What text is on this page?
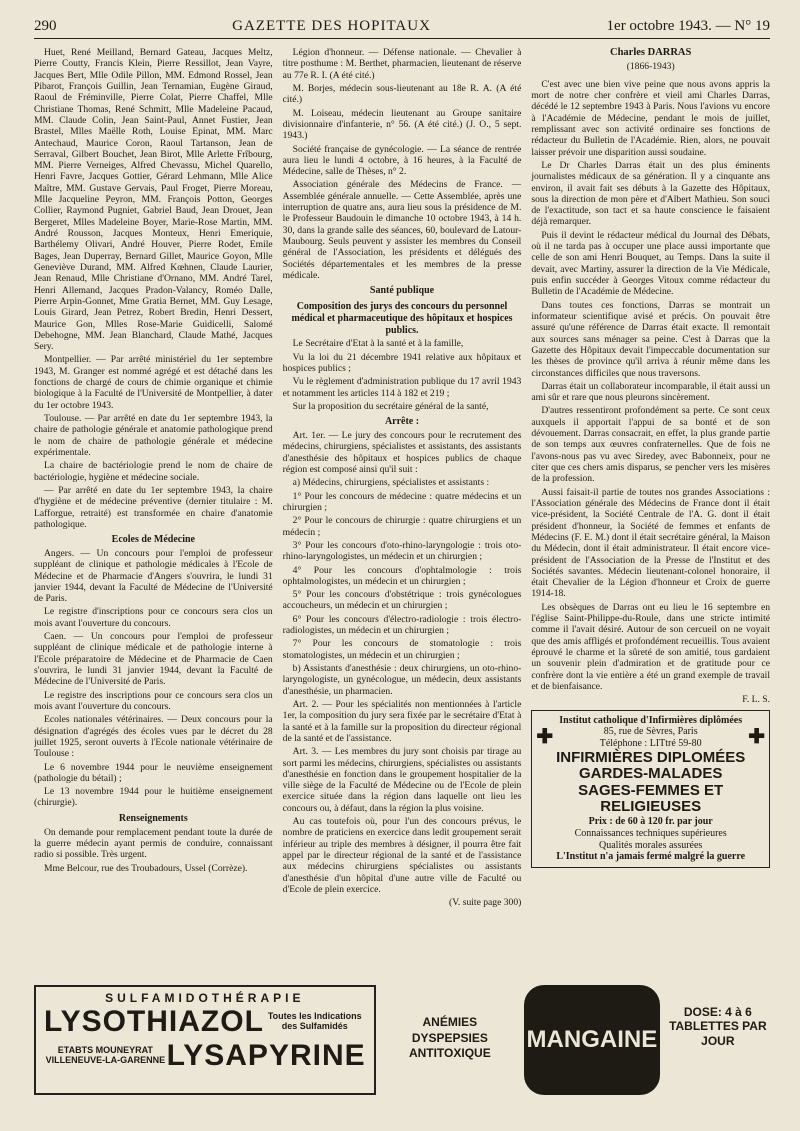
290	GAZETTE DES HOPITAUX	1er octobre 1943. — N° 19

Huet, René Meilland, Bernard Gateau, Jacques Meltz, Pierre Coutty, Francis Klein, Pierre Ressillot, Jean Vayre, Jacques Bert, Mlle Odile Pillon, MM. Edmond Rossel, Jean Pibarot, François Guillin, Jean Ternamian, Eugène Giraud, Raoul de Fréminville, Pierre Colat, Pierre Chaffel, Mlle Christiane Thomas, René Schmitt, Mlle Madeleine Pacaud, MM. Claude Colin, Jean Saint-Paul, Annet Fustier, Jean Brastel, Mlles Maëlle Roth, Louise Epinat, MM. Marc Antechaud, Maurice Coron, Raoul Tartanson, Jean de Serraval, Gilbert Bouchet, Jean Birot, Mlle Arlette Frîbourg, MM. Pierre Verneiges, Alfred Chevassu, Michel Quarello, Henri Favre, Jacques Gottier, Gérard Lehmann, Mlle Alice Maître, MM. Gustave Gervais, Paul Froget, Pierre Moreau, Mlle Jacqueline Peyron, MM. François Potton, Georges Collier, Raymond Pugniet, Gabriel Baud, Jean Drouet, Jean Bergeret, Mlles Madeleine Boyer, Marie-Rose Martin, MM. André Rousson, Jacques Monteux, Henri Emeriquie, Barthélemy Olivari, André Houver, Pierre Rodet, Emile Bages, Jean Duperray, Bernard Gillet, Maurice Goyon, Mlle Geneviève Durand, MM. Alfred Kœhnen, Claude Laurier, Jean Renaud, Mlle Christiane d'Ornano, MM. André Tarel, Henri Allemand, Jacques Pradon-Valancy, Roméo Dalle, Pierre Arpin-Gonnet, Mme Gratia Bernet, MM. Guy Lesage, Louis Girard, Jean Petrez, Robert Bredin, Henri Dessert, Maurice Gon, Mlles Rose-Marie Guidicelli, Salomé Debehogne, MM. Jean Blanchard, Claude Mathé, Jacques Sery.

Montpellier. — Par arrêté ministériel du 1er septembre 1943, M. Granger est nommé agrégé et est détaché dans les fonctions de chargé de cours de chimie organique et chimie biologique à la Faculté de l'Université de Montpellier, à dater du 1er octobre 1943.

Toulouse. — Par arrêté en date du 1er septembre 1943, la chaire de pathologie générale et anatomie pathologique prend le nom de chaire de pathologie générale et médecine expérimentale.

La chaire de bactériologie prend le nom de chaire de bactériologie, hygiène et médecine sociale.

— Par arrêté en date du 1er septembre 1943, la chaire d'hygiène et de médecine préventive (dernier titulaire : M. Lafforgue, retraité) est transformée en chaire d'anatomie pathologique.

Ecoles de Médecine

Angers. — Un concours pour l'emploi de professeur suppléant de clinique et pathologie médicales à l'Ecole de Médecine et de Pharmacie d'Angers s'ouvrira, le lundi 31 janvier 1944, devant la Faculté de Médecine de l'Université de Paris.

Le registre d'inscriptions pour ce concours sera clos un mois avant l'ouverture du concours.

Caen. — Un concours pour l'emploi de professeur suppléant de clinique médicale et de pathologie interne à l'Ecole préparatoire de Médecine et de Pharmacie de Caen s'ouvrira, le lundi 31 janvier 1944, devant la Faculté de Médecine de l'Université de Paris.

Le registre des inscriptions pour ce concours sera clos un mois avant l'ouverture du concours.

Ecoles nationales vétérinaires. — Deux concours pour la désignation d'agrégés des écoles vues par le décret du 28 juillet 1925, seront ouverts à l'Ecole nationale vétérinaire de Toulouse :

Le 6 novembre 1944 pour le neuvième enseignement (pathologie du bétail) ;

Le 13 novembre 1944 pour le huitième enseignement (chirurgie).

Renseignements

On demande pour remplacement pendant toute la durée de la guerre médecin ayant permis de conduire, connaissant radio si possible. Très urgent.

Mme Belcour, rue des Troubadours, Ussel (Corrèze).

Légion d'honneur. — Défense nationale. — Chevalier à titre posthume : M. Berthet, pharmacien, lieutenant de réserve au 77e R. I. (A été cité.)

M. Borjes, médecin sous-lieutenant au 18e R. A. (A été cité.)

M. Loiseau, médecin lieutenant au Groupe sanitaire divisionnaire d'infanterie, n° 56. (A été cité.) (J. O., 5 sept. 1943.)

Société française de gynécologie. — La séance de rentrée aura lieu le lundi 4 octobre, à 16 heures, à la Faculté de Médecine, salle de Thèses, n° 2.

Association générale des Médecins de France. — Assemblée générale annuelle. — Cette Assemblée, après une interruption de quatre ans, aura lieu sous la présidence de M. le Professeur Baudouin le dimanche 10 octobre 1943, à 14 h. 30, dans la grande salle des séances, 60, boulevard de Latour-Maubourg. Seuls peuvent y assister les membres du Conseil général de l'Association, les présidents et délégués des Sociétés départementales et les membres de la presse médicale.

Santé publique
Composition des jurys des concours du personnel médical et pharmaceutique des hôpitaux et hospices publics.

Le Secrétaire d'Etat à la santé et à la famille,

Vu la loi du 21 décembre 1941 relative aux hôpitaux et hospices publics ;

Vu le règlement d'administration publique du 17 avril 1943 et notamment les articles 114 à 182 et 219 ;

Sur la proposition du secrétaire général de la santé,

Arrête :

Art. 1er. — Le jury des concours pour le recrutement des médecins, chirurgiens, spécialistes et assistants, des assistants d'anesthésie des hôpitaux et hospices publics de chaque région est composé ainsi qu'il suit :

a) Médecins, chirurgiens, spécialistes et assistants :

1° Pour les concours de médecine : quatre médecins et un chirurgien ;

2° Pour le concours de chirurgie : quatre chirurgiens et un médecin ;

3° Pour les concours d'oto-rhino-laryngologie : trois oto-rhino-laryngologistes, un médecin et un chirurgien ;

4° Pour les concours d'ophtalmologie : trois ophtalmologistes, un médecin et un chirurgien ;

5° Pour les concours d'obstétrique : trois gynécologues accoucheurs, un médecin et un chirurgien ;

6° Pour les concours d'électro-radiologie : trois électro-radiologistes, un médecin et un chirurgien ;

7° Pour les concours de stomatologie : trois stomatologistes, un médecin et un chirurgien ;

b) Assistants d'anesthésie : deux chirurgiens, un oto-rhino-laryngologiste, un gynécologue, un médecin, deux assistants d'anesthésie, un pharmacien.

Art. 2. — Pour les spécialités non mentionnées à l'article 1er, la composition du jury sera fixée par le secrétaire d'Etat à la santé et à la famille sur la proposition du directeur régional de la santé et de l'assistance.

Art. 3. — Les membres du jury sont choisis par tirage au sort parmi les médecins, chirurgiens, spécialistes ou assistants d'anesthésie en fonction dans le groupement hospitalier de la ville siège de la Faculté de Médecine ou de l'Ecole de plein exercice située dans la région dans laquelle ont lieu les concours ou, à défaut, dans la région la plus voisine.

Au cas toutefois où, pour l'un des concours prévus, le nombre de praticiens en exercice dans ledit groupement serait inférieur au triple des membres à désigner, il pourra être fait appel par le directeur régional de la santé et de l'assistance aux médecins chirurgiens spécialistes ou assistants d'anesthésie d'un hôpital d'une autre ville de Faculté ou d'Ecole de plein exercice.

(V. suite page 300)

Charles DARRAS
(1866-1943)

C'est avec une bien vive peine que nous avons appris la mort de notre cher confrère et vieil ami Charles Darras, décédé le 12 septembre 1943 à Paris. Nous l'avions vu encore à l'Académie de Médecine, pendant le mois de juillet, remplissant avec son activité ordinaire ses fonctions de rédacteur du Bulletin de l'Académie. Rien, alors, ne pouvait laisser prévoir une disparition aussi soudaine.

Le Dr Charles Darras était un des plus éminents journalistes médicaux de sa génération. Il y a cinquante ans environ, il avait fait ses débuts à la Gazette des Hôpitaux, sous la direction de mon père et d'Albert Mathieu. Son souci de l'exactitude, son tact et sa haute conscience le faisaient déjà remarquer.

Puis il devint le rédacteur médical du Journal des Débats, où il ne tarda pas à occuper une place aussi importante que celle de son ami Henri Bouquet, au Temps. Dans la suite il devait, avec Martiny, assurer la direction de la Vie Médicale, puis enfin succéder à Georges Vitoux comme rédacteur du Bulletin de l'Académie de Médecine.

Dans toutes ces fonctions, Darras se montrait un informateur scientifique avisé et précis. On pouvait être assuré qu'une référence de Darras était exacte. Il remontait aux sources sans ménager sa peine. C'est à Darras que la Gazette des Hôpitaux devait l'impeccable documentation sur les thèses de province qu'il arriva à réunir même dans les circonstances difficiles que nous traversons.

Darras était un collaborateur incomparable, il était aussi un ami sûr et rare que nous pleurons sincèrement.

D'autres ressentiront profondément sa perte. Ce sont ceux auxquels il apportait l'appui de sa bonté et de son dévouement. Darras consacrait, en effet, la plus grande partie de son temps aux œuvres confraternelles. Que de fois ne l'avons-nous pas vu avec Siredey, avec Babonneix, pour ne citer que ces chers amis disparus, se pencher vers les misères de la profession.

Aussi faisait-il partie de toutes nos grandes Associations : l'Association générale des Médecins de France dont il était vice-président, la Société Centrale de l'A. G. dont il était président d'honneur, la Société de femmes et enfants de Médecins (F. E. M.) dont il était secrétaire général, la Maison du Médecin, dont il était administrateur. Il était encore vice-président de l'Association de la Presse de l'Institut et des Sociétés savantes. Médecin lieutenant-colonel honoraire, il était Chevalier de la Légion d'honneur et Croix de guerre 1914-18.

Les obsèques de Darras ont eu lieu le 16 septembre en l'église Saint-Philippe-du-Roule, dans une stricte intimité comme il l'avait désiré. Autour de son cercueil on ne voyait que des amis affligés et profondément recueillis. Tous avaient éprouvé le charme et la sûreté de son amitié, tous gardaient un souvenir plein d'admiration et de gratitude pour ce confrère dont la vie entière a été un grand exemple de travail et de bienfaisance.

F. L. S.
Institut catholique d'Infirmières diplômées
✚	85, rue de Sèvres, Paris
Téléphone : LITtré 59-80 ✚
INFIRMIÈRES DIPLOMÉES
GARDES-MALADES
SAGES-FEMMES ET RELIGIEUSES
Prix : de 60 à 120 fr. par jour
Connaissances techniques supérieures
Qualités morales assurées
L'Institut n'a jamais fermé malgré la guerre
SULFAMIDOTHÉRAPIE
LYSOTHIAZOL Toutes les Indications des Sulfamidés
ETABTS MOUNEYRAT VILLENEUVE-LA-GARENNE LYSAPYRINE
ANÉMIES DYSPEPSIES ANTITOXIQUE
MANGAINE
DOSE: 4 à 6 TABLETTES PAR JOUR
